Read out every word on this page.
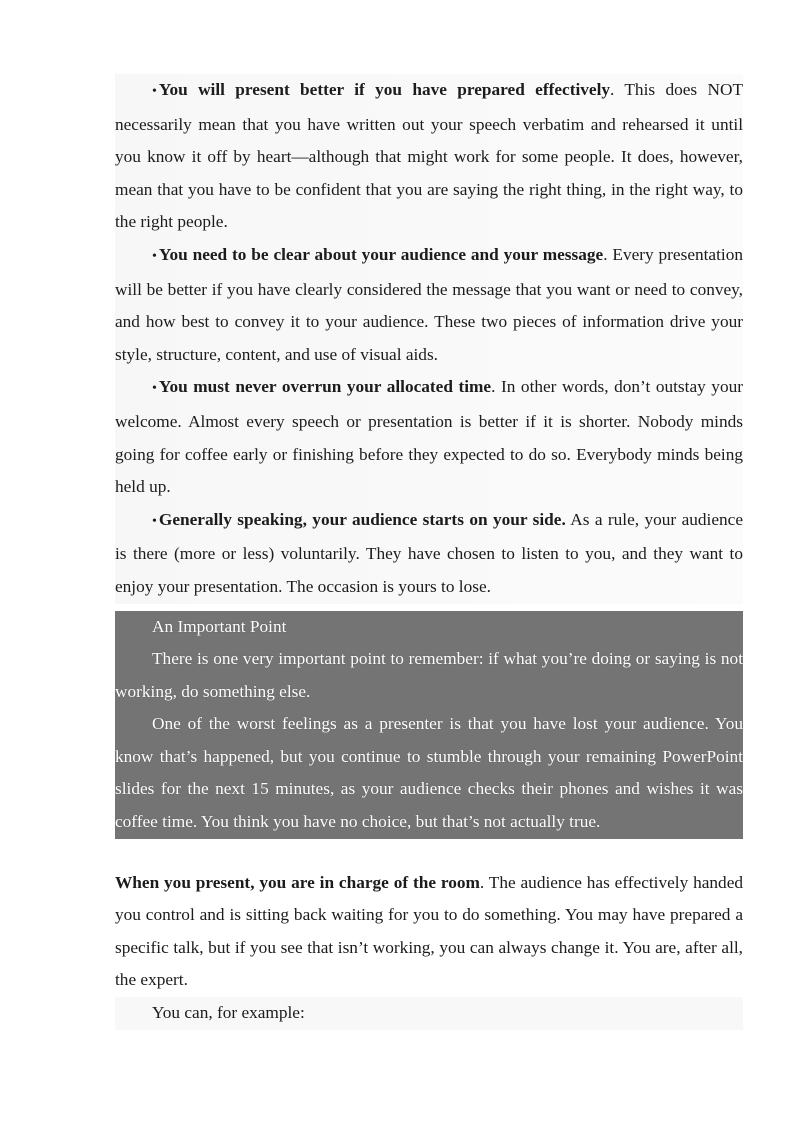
• You will present better if you have prepared effectively. This does NOT necessarily mean that you have written out your speech verbatim and rehearsed it until you know it off by heart—although that might work for some people. It does, however, mean that you have to be confident that you are saying the right thing, in the right way, to the right people.

• You need to be clear about your audience and your message. Every presentation will be better if you have clearly considered the message that you want or need to convey, and how best to convey it to your audience. These two pieces of information drive your style, structure, content, and use of visual aids.

• You must never overrun your allocated time. In other words, don’t outstay your welcome. Almost every speech or presentation is better if it is shorter. Nobody minds going for coffee early or finishing before they expected to do so. Everybody minds being held up.

• Generally speaking, your audience starts on your side. As a rule, your audience is there (more or less) voluntarily. They have chosen to listen to you, and they want to enjoy your presentation. The occasion is yours to lose.

An Important Point

There is one very important point to remember: if what you’re doing or saying is not working, do something else.

One of the worst feelings as a presenter is that you have lost your audience. You know that’s happened, but you continue to stumble through your remaining PowerPoint slides for the next 15 minutes, as your audience checks their phones and wishes it was coffee time. You think you have no choice, but that’s not actually true.

When you present, you are in charge of the room. The audience has effectively handed you control and is sitting back waiting for you to do something. You may have prepared a specific talk, but if you see that isn’t working, you can always change it. You are, after all, the expert.

You can, for example:
